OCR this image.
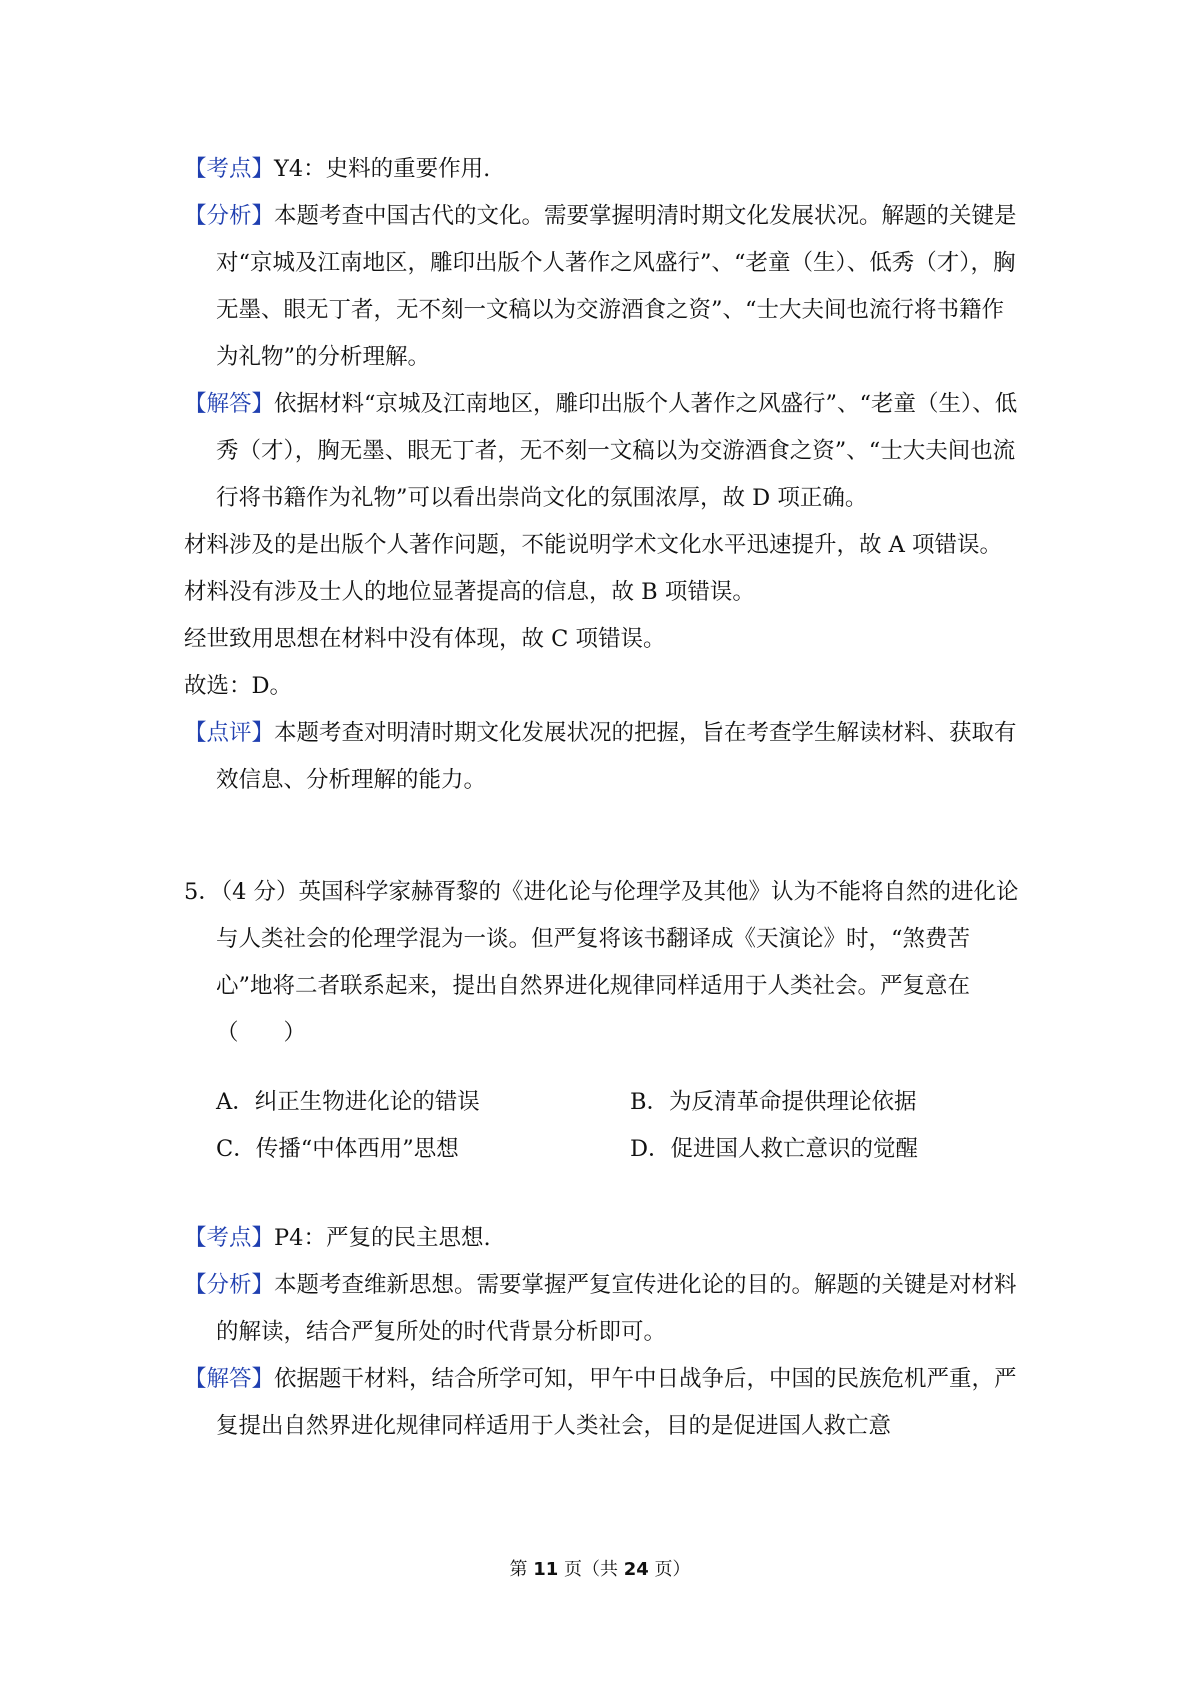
【考点】Y4：史料的重要作用.

【分析】本题考查中国古代的文化。需要掌握明清时期文化发展状况。解题的关键是对“京城及江南地区，雕印出版个人著作之风盛行”、“老童（生）、低秀（才），胸无墨、眼无丁者，无不刻一文稿以为交游酒食之资”、“士大夫间也流行将书籍作为礼物”的分析理解。

【解答】依据材料“京城及江南地区，雕印出版个人著作之风盛行”、“老童（生）、低秀（才），胸无墨、眼无丁者，无不刻一文稿以为交游酒食之资”、“士大夫间也流行将书籍作为礼物”可以看出崇尚文化的氛围浓厚，故 D 项正确。

材料涉及的是出版个人著作问题，不能说明学术文化水平迅速提升，故 A 项错误。

材料没有涉及士人的地位显著提高的信息，故 B 项错误。

经世致用思想在材料中没有体现，故 C 项错误。

故选：D。

【点评】本题考查对明清时期文化发展状况的把握，旨在考查学生解读材料、获取有效信息、分析理解的能力。

5．（4 分）英国科学家赫胥黎的《进化论与伦理学及其他》认为不能将自然的进化论与人类社会的伦理学混为一谈。但严复将该书翻译成《天演论》时，“煞费苦心”地将二者联系起来，提出自然界进化规律同样适用于人类社会。严复意在（　　）

A．纠正生物进化论的错误	B．为反清革命提供理论依据
C．传播“中体西用”思想	D．促进国人救亡意识的觉醒

【考点】P4：严复的民主思想.

【分析】本题考查维新思想。需要掌握严复宣传进化论的目的。解题的关键是对材料的解读，结合严复所处的时代背景分析即可。

【解答】依据题干材料，结合所学可知，甲午中日战争后，中国的民族危机严重，严复提出自然界进化规律同样适用于人类社会，目的是促进国人救亡意

第 11 页（共 24 页）
